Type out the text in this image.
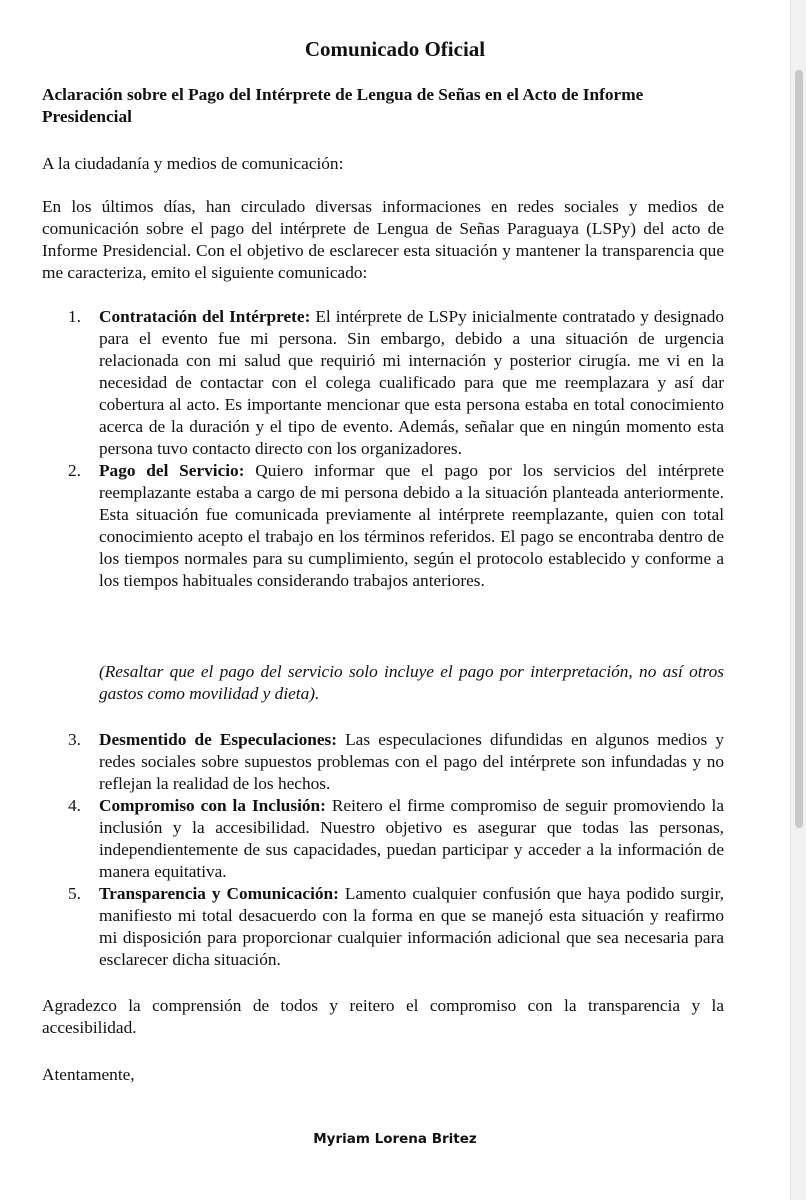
Comunicado Oficial
Aclaración sobre el Pago del Intérprete de Lengua de Señas en el Acto de Informe Presidencial
A la ciudadanía y medios de comunicación:
En los últimos días, han circulado diversas informaciones en redes sociales y medios de comunicación sobre el pago del intérprete de Lengua de Señas Paraguaya (LSPy) del acto de Informe Presidencial. Con el objetivo de esclarecer esta situación y mantener la transparencia que me caracteriza, emito el siguiente comunicado:
1. Contratación del Intérprete: El intérprete de LSPy inicialmente contratado y designado para el evento fue mi persona. Sin embargo, debido a una situación de urgencia relacionada con mi salud que requirió mi internación y posterior cirugía. me vi en la necesidad de contactar con el colega cualificado para que me reemplazara y así dar cobertura al acto. Es importante mencionar que esta persona estaba en total conocimiento acerca de la duración y el tipo de evento. Además, señalar que en ningún momento esta persona tuvo contacto directo con los organizadores.
2. Pago del Servicio: Quiero informar que el pago por los servicios del intérprete reemplazante estaba a cargo de mi persona debido a la situación planteada anteriormente. Esta situación fue comunicada previamente al intérprete reemplazante, quien con total conocimiento acepto el trabajo en los términos referidos. El pago se encontraba dentro de los tiempos normales para su cumplimiento, según el protocolo establecido y conforme a los tiempos habituales considerando trabajos anteriores.
(Resaltar que el pago del servicio solo incluye el pago por interpretación, no así otros gastos como movilidad y dieta).
3. Desmentido de Especulaciones: Las especulaciones difundidas en algunos medios y redes sociales sobre supuestos problemas con el pago del intérprete son infundadas y no reflejan la realidad de los hechos.
4. Compromiso con la Inclusión: Reitero el firme compromiso de seguir promoviendo la inclusión y la accesibilidad. Nuestro objetivo es asegurar que todas las personas, independientemente de sus capacidades, puedan participar y acceder a la información de manera equitativa.
5. Transparencia y Comunicación: Lamento cualquier confusión que haya podido surgir, manifiesto mi total desacuerdo con la forma en que se manejó esta situación y reafirmo mi disposición para proporcionar cualquier información adicional que sea necesaria para esclarecer dicha situación.
Agradezco la comprensión de todos y reitero el compromiso con la transparencia y la accesibilidad.
Atentamente,
Myriam Lorena Britez
